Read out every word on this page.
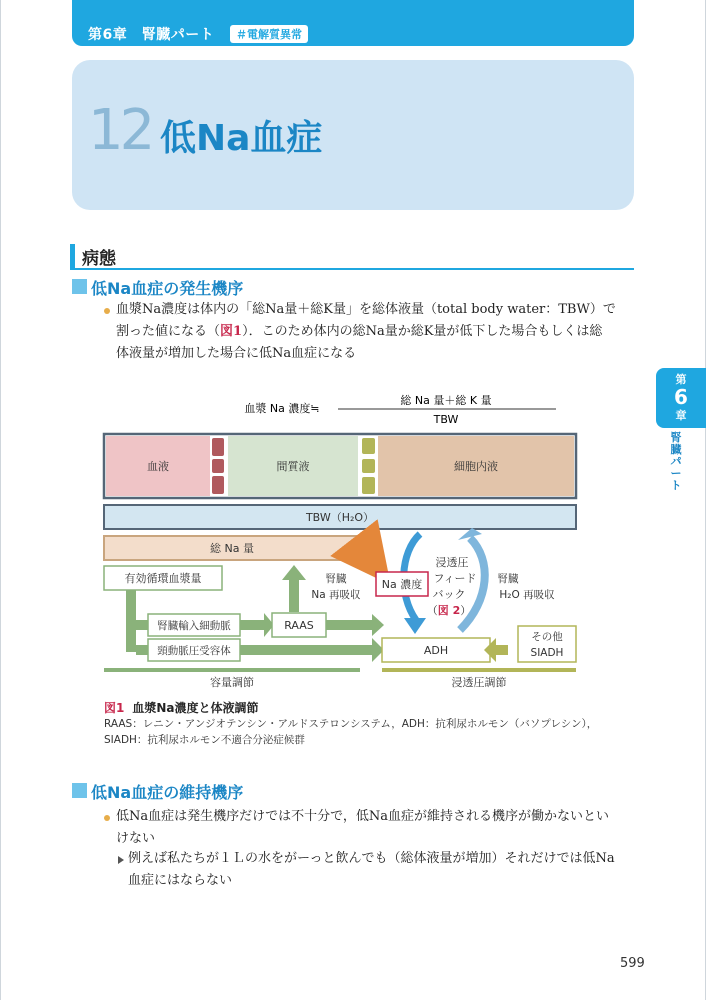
第6章　腎臓パート	＃電解質異常
12 低Na血症
病態
低Na血症の発生機序
血漿Na濃度は体内の「総Na量＋総K量」を総体液量（total body water：TBW）で
割った値になる（図1）．このため体内の総Na量か総K量が低下した場合もしくは総
体液量が増加した場合に低Na血症になる
血漿 Na 濃度≒
総 Na 量＋総 K 量
TBW
血液	間質液	細胞内液
TBW（H₂O）
総 Na 量
有効循環血漿量
腎臓輸入細動脈
頸動脈圧受容体
RAAS
腎臓
Na 再吸収
Na 濃度
浸透圧
フィード
バック
（図 2）
腎臓
H₂O 再吸収
ADH
その他
SIADH
容量調節	浸透圧調節
図1 血漿Na濃度と体液調節
RAAS：レニン・アンジオテンシン・アルドステロンシステム，ADH：抗利尿ホルモン（バソプレシン），SIADH：抗利尿ホルモン不適合分泌症候群
低Na血症の維持機序
低Na血症は発生機序だけでは不十分で，低Na血症が維持される機序が働かないとい
けない
例えば私たちが１Ｌの水をがーっと飲んでも（総体液量が増加）それだけでは低Na
血症にはならない
第
6
章
腎臓パート
599
